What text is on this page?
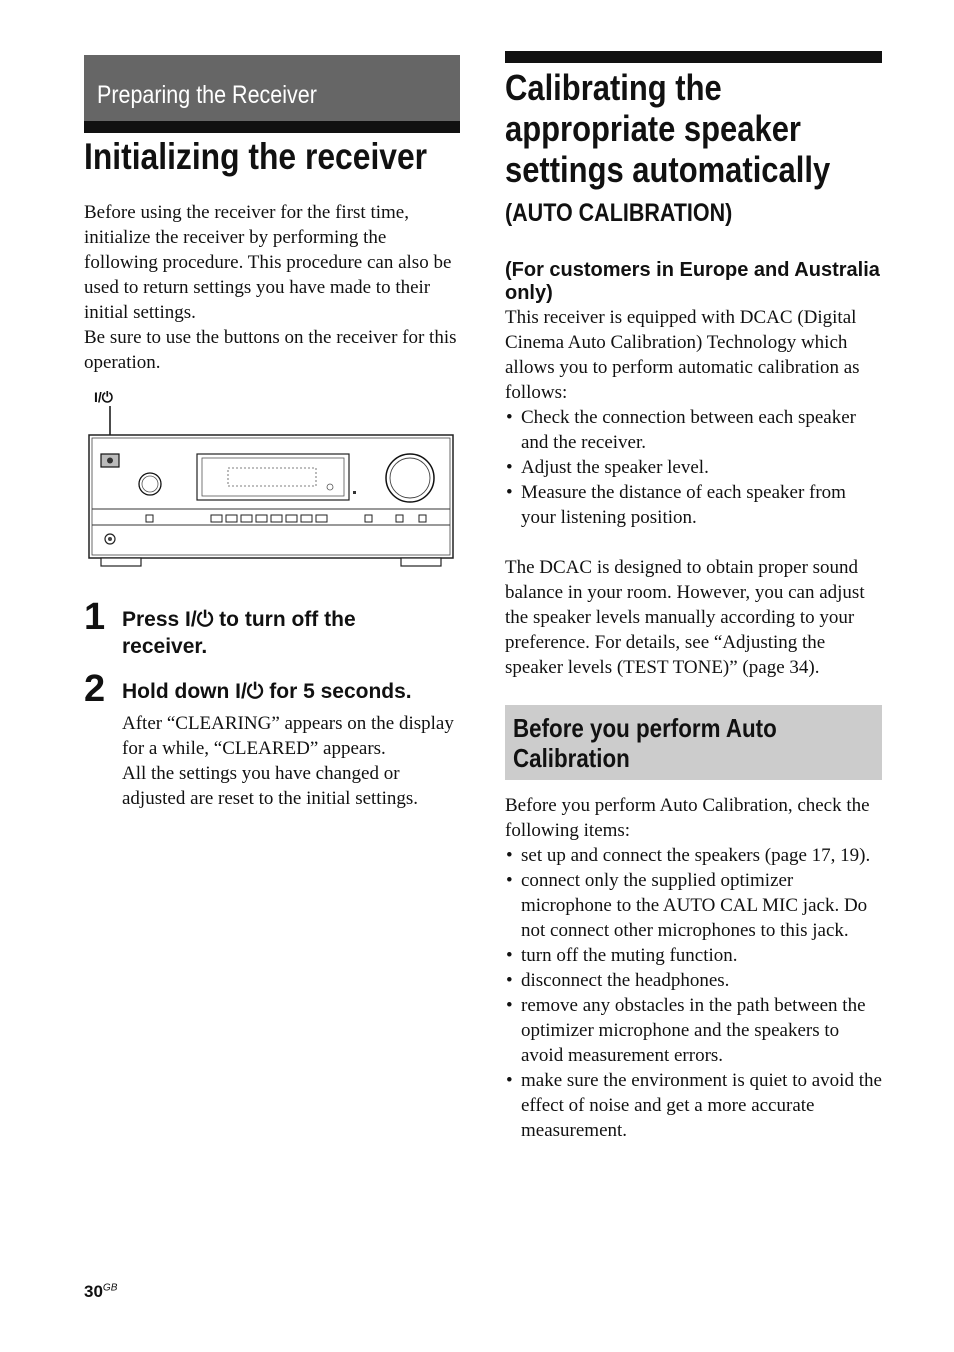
Preparing the Receiver
Initializing the receiver
Before using the receiver for the first time, initialize the receiver by performing the following procedure. This procedure can also be used to return settings you have made to their initial settings.
Be sure to use the buttons on the receiver for this operation.
I/⏻
1 Press I/⏻ to turn off the receiver.
2 Hold down I/⏻ for 5 seconds.
After “CLEARING” appears on the display for a while, “CLEARED” appears.
All the settings you have changed or adjusted are reset to the initial settings.
Calibrating the appropriate speaker settings automatically
(AUTO CALIBRATION)
(For customers in Europe and Australia only)
This receiver is equipped with DCAC (Digital Cinema Auto Calibration) Technology which allows you to perform automatic calibration as follows:
• Check the connection between each speaker and the receiver.
• Adjust the speaker level.
• Measure the distance of each speaker from your listening position.
The DCAC is designed to obtain proper sound balance in your room. However, you can adjust the speaker levels manually according to your preference. For details, see “Adjusting the speaker levels (TEST TONE)” (page 34).
Before you perform Auto Calibration
Before you perform Auto Calibration, check the following items:
• set up and connect the speakers (page 17, 19).
• connect only the supplied optimizer microphone to the AUTO CAL MIC jack. Do not connect other microphones to this jack.
• turn off the muting function.
• disconnect the headphones.
• remove any obstacles in the path between the optimizer microphone and the speakers to avoid measurement errors.
• make sure the environment is quiet to avoid the effect of noise and get a more accurate measurement.
$30^{GB}$
